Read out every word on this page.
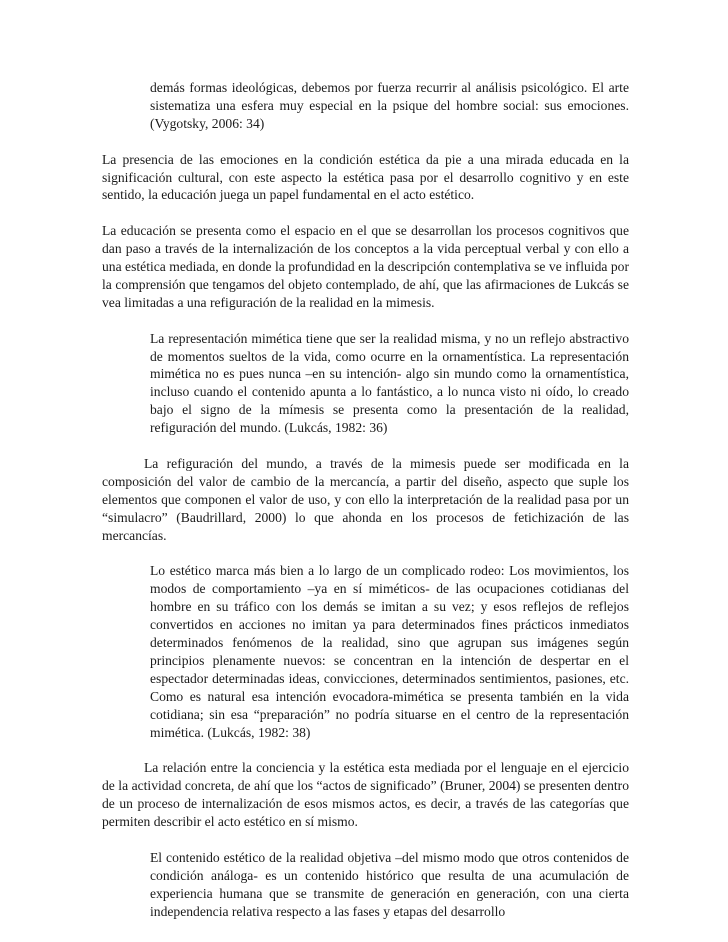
demás formas ideológicas, debemos por fuerza recurrir al análisis psicológico. El arte sistematiza una esfera muy especial en la psique del hombre social: sus emociones. (Vygotsky, 2006: 34)

La presencia de las emociones en la condición estética da pie a una mirada educada en la significación cultural, con este aspecto la estética pasa por el desarrollo cognitivo y en este sentido, la educación juega un papel fundamental en el acto estético.

La educación se presenta como el espacio en el que se desarrollan los procesos cognitivos que dan paso a través de la internalización de los conceptos a la vida perceptual verbal y con ello a una estética mediada, en donde la profundidad en la descripción contemplativa se ve influida por la comprensión que tengamos del objeto contemplado, de ahí, que las afirmaciones de Lukcás se vea limitadas a una refiguración de la realidad en la mimesis.

La representación mimética tiene que ser la realidad misma, y no un reflejo abstractivo de momentos sueltos de la vida, como ocurre en la ornamentística. La representación mimética no es pues nunca –en su intención- algo sin mundo como la ornamentística, incluso cuando el contenido apunta a lo fantástico, a lo nunca visto ni oído, lo creado bajo el signo de la mímesis se presenta como la presentación de la realidad, refiguración del mundo. (Lukcás, 1982: 36)

La refiguración del mundo, a través de la mimesis puede ser modificada en la composición del valor de cambio de la mercancía, a partir del diseño, aspecto que suple los elementos que componen el valor de uso, y con ello la interpretación de la realidad pasa por un “simulacro” (Baudrillard, 2000) lo que ahonda en los procesos de fetichización de las mercancías.

Lo estético marca más bien a lo largo de un complicado rodeo: Los movimientos, los modos de comportamiento –ya en sí miméticos- de las ocupaciones cotidianas del hombre en su tráfico con los demás se imitan a su vez; y esos reflejos de reflejos convertidos en acciones no imitan ya para determinados fines prácticos inmediatos determinados fenómenos de la realidad, sino que agrupan sus imágenes según principios plenamente nuevos: se concentran en la intención de despertar en el espectador determinadas ideas, convicciones, determinados sentimientos, pasiones, etc. Como es natural esa intención evocadora-mimética se presenta también en la vida cotidiana; sin esa “preparación” no podría situarse en el centro de la representación mimética. (Lukcás, 1982: 38)

La relación entre la conciencia y la estética esta mediada por el lenguaje en el ejercicio de la actividad concreta, de ahí que los “actos de significado” (Bruner, 2004) se presenten dentro de un proceso de internalización de esos mismos actos, es decir, a través de las categorías que permiten describir el acto estético en sí mismo.

El contenido estético de la realidad objetiva –del mismo modo que otros contenidos de condición análoga- es un contenido histórico que resulta de una acumulación de experiencia humana que se transmite de generación en generación, con una cierta independencia relativa respecto a las fases y etapas del desarrollo
